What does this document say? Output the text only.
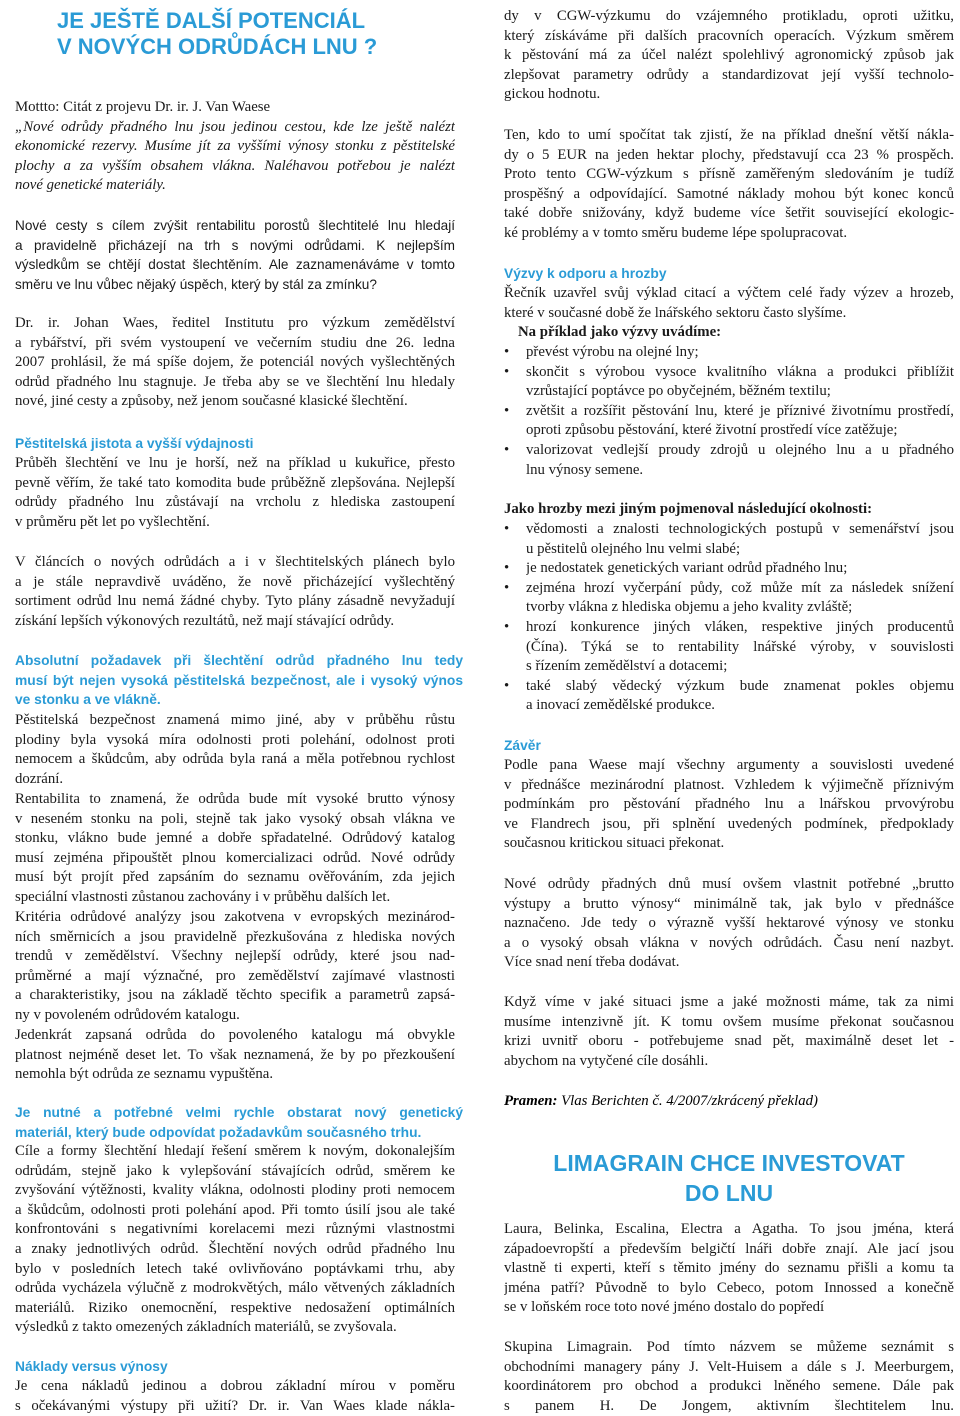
JE JEŠTĚ DALŠÍ POTENCIÁL
V NOVÝCH ODRŮDÁCH LNU ?
Mottto: Citát z projevu Dr. ir. J. Van Waese
„Nové odrůdy přadného lnu jsou jedinou cestou, kde lze ještě nalézt
ekonomické rezervy. Musíme jít za vyššími výnosy stonku z pěstitelské
plochy a za vyšším obsahem vlákna. Naléhavou potřebou je nalézt
nové genetické materiály.
Nové cesty s cílem zvýšit rentabilitu porostů šlechtitelé lnu hledají
a pravidelně přicházejí na trh s novými odrůdami. K nejlepším
výsledkům se chtějí dostat šlechtěním. Ale zaznamenáváme v tomto
směru ve lnu vůbec nějaký úspěch, který by stál za zmínku?
Dr. ir. Johan Waes, ředitel Institutu pro výzkum zemědělství
a rybářství, při svém vystoupení ve večerním studiu dne 26. ledna
2007 prohlásil, že má spíše dojem, že potenciál nových vyšlechtěných
odrůd přadného lnu stagnuje. Je třeba aby se ve šlechtění lnu hledaly
nové, jiné cesty a způsoby, než jenom současné klasické šlechtění.
Pěstitelská jistota a vyšší výdajnosti
Průběh šlechtění ve lnu je horší, než na příklad u kukuřice, přesto
pevně věřím, že také tato komodita bude průběžně zlepšována. Nejlepší
odrůdy přadného lnu zůstávají na vrcholu z hlediska zastoupení
v průměru pět let po vyšlechtění.
V článcích o nových odrůdách a i v šlechtitelských plánech bylo
a je stále nepravdivě uváděno, že nově přicházející vyšlechtěný
sortiment odrůd lnu nemá žádné chyby. Tyto plány zásadně nevyžadují
získání lepších výkonových rezultátů, než mají stávající odrůdy.
Absolutní požadavek při šlechtění odrůd přadného lnu tedy
musí být nejen vysoká pěstitelská bezpečnost, ale i vysoký výnos
ve stonku a ve vlákně.
Pěstitelská bezpečnost znamená mimo jiné, aby v průběhu růstu
plodiny byla vysoká míra odolnosti proti polehání, odolnost proti
nemocem a škůdcům, aby odrůda byla raná a měla potřebnou rychlost
dozrání.
Rentabilita to znamená, že odrůda bude mít vysoké brutto výnosy
v neseném stonku na poli, stejně tak jako vysoký obsah vlákna ve
stonku, vlákno bude jemné a dobře spřadatelné. Odrůdový katalog
musí zejména připouštět plnou komercializaci odrůd. Nové odrůdy
musí být projít před zapsáním do seznamu ověřováním, zda jejich
speciální vlastnosti zůstanou zachovány i v průběhu dalších let.
Kritéria odrůdové analýzy jsou zakotvena v evropských mezinárod-
ních směrnicích a jsou pravidelně přezkušována z hlediska nových
trendů v zemědělství. Všechny nejlepší odrůdy, které jsou nad-
průměrné a mají význačné, pro zemědělství zajímavé vlastnosti
a charakteristiky, jsou na základě těchto specifik a parametrů zapsá-
ny v povoleném odrůdovém katalogu.
Jedenkrát zapsaná odrůda do povoleného katalogu má obvykle
platnost nejméně deset let. To však neznamená, že by po přezkoušení
nemohla být odrůda ze seznamu vypuštěna.
Je nutné a potřebné velmi rychle obstarat nový genetický
materiál, který bude odpovídat požadavkům současného trhu.
Cíle a formy šlechtění hledají řešení směrem k novým, dokonalejším
odrůdám, stejně jako k vylepšování stávajících odrůd, směrem ke
zvyšování výtěžnosti, kvality vlákna, odolnosti plodiny proti nemocem
a škůdcům, odolnosti proti polehání apod. Při tomto úsilí jsou ale také
konfrontováni s negativními korelacemi mezi různými vlastnostmi
a znaky jednotlivých odrůd. Šlechtění nových odrůd přadného lnu
bylo v posledních letech také ovlivňováno poptávkami trhu, aby
odrůda vycházela výlučně z modrokvětých, málo větvených základních
materiálů. Riziko onemocnění, respektive nedosažení optimálních
výsledků z takto omezených základních materiálů, se zvyšovala.
Náklady versus výnosy
Je cena nákladů jedinou a dobrou základní mírou v poměru
s očekávanými výstupy při užití? Dr. ir. Van Waes klade nákla-
dy v CGW-výzkumu do vzájemného protikladu, oproti užitku,
který získáváme při dalších pracovních operacích. Výzkum směrem
k pěstování má za účel nalézt spolehlivý agronomický způsob jak
zlepšovat parametry odrůdy a standardizovat její vyšší technolo-
gickou hodnotu.
Ten, kdo to umí spočítat tak zjistí, že na příklad dnešní větší nákla-
dy o 5 EUR na jeden hektar plochy, představují cca 23 % prospěch.
Proto tento CGW-výzkum s přísně zaměřeným sledováním je tudíž
prospěšný a odpovídající. Samotné náklady mohou být konec konců
také dobře snižovány, když budeme více šetřit související ekologic-
ké problémy a v tomto směru budeme lépe spolupracovat.
Výzvy k odporu a hrozby
Řečník uzavřel svůj výklad citací a výčtem celé řady výzev a hrozeb,
které v současné době že lnářského sektoru často slyšíme.
Na příklad jako výzvy uvádíme:
• převést výrobu na olejné lny;
• skončit s výrobou vysoce kvalitního vlákna a produkci přiblížit
vzrůstající poptávce po obyčejném, běžném textilu;
• zvětšit a rozšířit pěstování lnu, které je příznivé životnímu prostředí,
oproti způsobu pěstování, které životní prostředí více zatěžuje;
• valorizovat vedlejší proudy zdrojů u olejného lnu a u přadného
lnu výnosy semene.
Jako hrozby mezi jiným pojmenoval následující okolnosti:
• vědomosti a znalosti technologických postupů v semenářství jsou
u pěstitelů olejného lnu velmi slabé;
• je nedostatek genetických variant odrůd přadného lnu;
• zejména hrozí vyčerpání půdy, což může mít za následek snížení
tvorby vlákna z hlediska objemu a jeho kvality zvláště;
• hrozí konkurence jiných vláken, respektive jiných producentů
(Čína). Týká se to rentability lnářské výroby, v souvislosti
s řízením zemědělství a dotacemi;
• také slabý vědecký výzkum bude znamenat pokles objemu
a inovací zemědělské produkce.
Závěr
Podle pana Waese mají všechny argumenty a souvislosti uvedené
v přednášce mezinárodní platnost. Vzhledem k výjimečně příznivým
podmínkám pro pěstování přadného lnu a lnářskou prvovýrobu
ve Flandrech jsou, při splnění uvedených podmínek, předpoklady
současnou kriticko​u situaci překonat.
Nové odrůdy přadných dnů musí ovšem vlastnit potřebné „brutto
výstupy a brutto výnosy“ minimálně tak, jak bylo v přednášce
naznačeno. Jde tedy o výrazně vyšší hektarové výnosy ve stonku
a o vysoký obsah vlákna v nových odrůdách. Času není nazbyt.
Více snad není třeba dodávat.
Když víme v jaké situaci jsme a jaké možnosti máme, tak za nimi
musíme intenzivně jít. K tomu ovšem musíme překonat současnou
krizi uvnitř oboru - potřebujeme snad pět, maximálně deset let -
abychom na vytyčené cíle dosáhli.
Pramen: Vlas Berichten č. 4/2007/zkrácený překlad)
LIMAGRAIN CHCE INVESTOVAT
DO LNU
Laura, Belinka, Escalina, Electra a Agatha. To jsou jména, která
západoevropští a především belgičtí lnáři dobře znají. Ale jací jsou
vlastně ti experti, kteří s těmito jmény do seznamu přišli a komu ta
jména patří? Původně to bylo Cebeco, potom Innossed a konečně
se v loňském roce toto nové jméno dostalo do popředí
Skupina Limagrain. Pod tímto názvem se můžeme seznámit s
obchodními managery pány J. Velt-Huisem a dále s J. Meerburgem,
koordinátorem pro obchod a produkci lněného semene. Dále pak
s panem H. De Jongem, aktivním šlechtitelem lnu.
